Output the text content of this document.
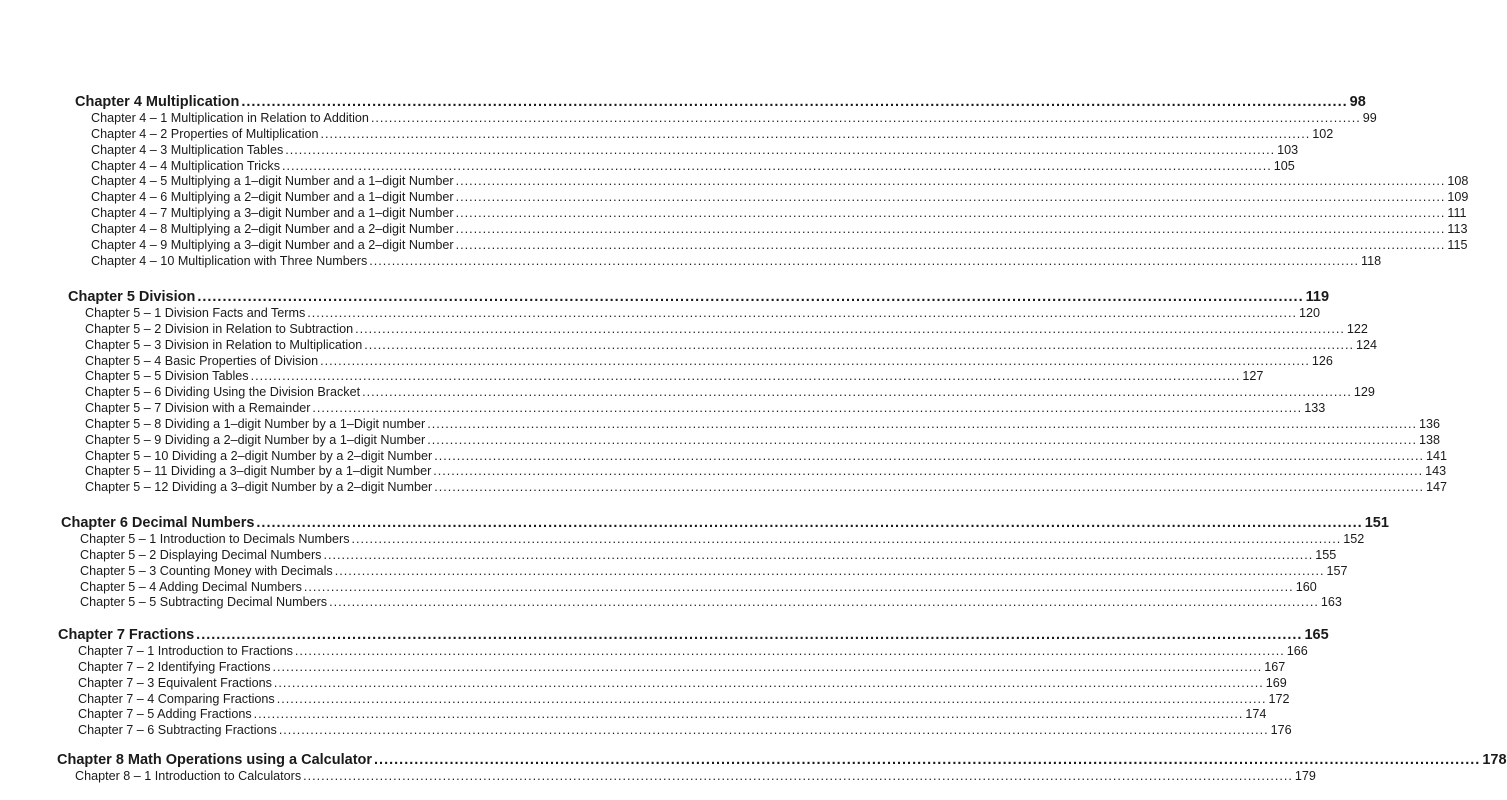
Chapter 4 Multiplication ............................................................................................................................................................................................................................ 98
Chapter 4 – 1 Multiplication in Relation to Addition ............................................................................................................................................................................................................................ 99
Chapter 4 – 2 Properties of Multiplication ............................................................................................................................................................................................................................ 102
Chapter 4 – 3 Multiplication Tables ............................................................................................................................................................................................................................ 103
Chapter 4 – 4 Multiplication Tricks ............................................................................................................................................................................................................................ 105
Chapter 4 – 5 Multiplying a 1–digit Number and a 1–digit Number ............................................................................................................................................................................................................................ 108
Chapter 4 – 6 Multiplying a 2–digit Number and a 1–digit Number ............................................................................................................................................................................................................................ 109
Chapter 4 – 7 Multiplying a 3–digit Number and a 1–digit Number ............................................................................................................................................................................................................................ 111
Chapter 4 – 8 Multiplying a 2–digit Number and a 2–digit Number ............................................................................................................................................................................................................................ 113
Chapter 4 – 9 Multiplying a 3–digit Number and a 2–digit Number ............................................................................................................................................................................................................................ 115
Chapter 4 – 10 Multiplication with Three Numbers ............................................................................................................................................................................................................................ 118
Chapter 5 Division ............................................................................................................................................................................................................................ 119
Chapter 5 – 1 Division Facts and Terms ............................................................................................................................................................................................................................ 120
Chapter 5 – 2 Division in Relation to Subtraction ............................................................................................................................................................................................................................ 122
Chapter 5 – 3 Division in Relation to Multiplication ............................................................................................................................................................................................................................ 124
Chapter 5 – 4 Basic Properties of Division ............................................................................................................................................................................................................................ 126
Chapter 5 – 5 Division Tables ............................................................................................................................................................................................................................ 127
Chapter 5 – 6 Dividing Using the Division Bracket ............................................................................................................................................................................................................................ 129
Chapter 5 – 7 Division with a Remainder ............................................................................................................................................................................................................................ 133
Chapter 5 – 8 Dividing a 1–digit Number by a 1–Digit number ............................................................................................................................................................................................................................ 136
Chapter 5 – 9 Dividing a 2–digit Number by a 1–digit Number ............................................................................................................................................................................................................................ 138
Chapter 5 – 10 Dividing a 2–digit Number by a 2–digit Number ............................................................................................................................................................................................................................ 141
Chapter 5 – 11 Dividing a 3–digit Number by a 1–digit Number ............................................................................................................................................................................................................................ 143
Chapter 5 – 12 Dividing a 3–digit Number by a 2–digit Number ............................................................................................................................................................................................................................ 147
Chapter 6 Decimal Numbers ............................................................................................................................................................................................................................ 151
Chapter 5 – 1 Introduction to Decimals Numbers ............................................................................................................................................................................................................................ 152
Chapter 5 – 2 Displaying Decimal Numbers ............................................................................................................................................................................................................................ 155
Chapter 5 – 3 Counting Money with Decimals ............................................................................................................................................................................................................................ 157
Chapter 5 – 4 Adding Decimal Numbers ............................................................................................................................................................................................................................ 160
Chapter 5 – 5 Subtracting Decimal Numbers ............................................................................................................................................................................................................................ 163
Chapter 7 Fractions ............................................................................................................................................................................................................................ 165
Chapter 7 – 1 Introduction to Fractions ............................................................................................................................................................................................................................ 166
Chapter 7 – 2 Identifying Fractions ............................................................................................................................................................................................................................ 167
Chapter 7 – 3 Equivalent Fractions ............................................................................................................................................................................................................................ 169
Chapter 7 – 4 Comparing Fractions ............................................................................................................................................................................................................................ 172
Chapter 7 – 5 Adding Fractions ............................................................................................................................................................................................................................ 174
Chapter 7 – 6 Subtracting Fractions ............................................................................................................................................................................................................................ 176
Chapter 8 Math Operations using a Calculator ............................................................................................................................................................................................................................ 178
Chapter 8 – 1 Introduction to Calculators ............................................................................................................................................................................................................................ 179
